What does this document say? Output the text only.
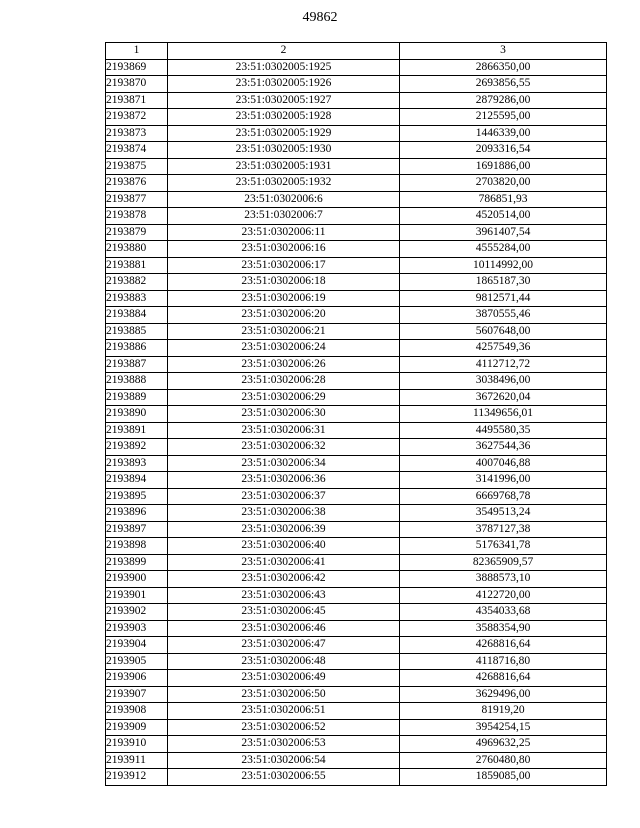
49862
1	2	3
2193869	23:51:0302005:1925	2866350,00
2193870	23:51:0302005:1926	2693856,55
2193871	23:51:0302005:1927	2879286,00
2193872	23:51:0302005:1928	2125595,00
2193873	23:51:0302005:1929	1446339,00
2193874	23:51:0302005:1930	2093316,54
2193875	23:51:0302005:1931	1691886,00
2193876	23:51:0302005:1932	2703820,00
2193877	23:51:0302006:6	786851,93
2193878	23:51:0302006:7	4520514,00
2193879	23:51:0302006:11	3961407,54
2193880	23:51:0302006:16	4555284,00
2193881	23:51:0302006:17	10114992,00
2193882	23:51:0302006:18	1865187,30
2193883	23:51:0302006:19	9812571,44
2193884	23:51:0302006:20	3870555,46
2193885	23:51:0302006:21	5607648,00
2193886	23:51:0302006:24	4257549,36
2193887	23:51:0302006:26	4112712,72
2193888	23:51:0302006:28	3038496,00
2193889	23:51:0302006:29	3672620,04
2193890	23:51:0302006:30	11349656,01
2193891	23:51:0302006:31	4495580,35
2193892	23:51:0302006:32	3627544,36
2193893	23:51:0302006:34	4007046,88
2193894	23:51:0302006:36	3141996,00
2193895	23:51:0302006:37	6669768,78
2193896	23:51:0302006:38	3549513,24
2193897	23:51:0302006:39	3787127,38
2193898	23:51:0302006:40	5176341,78
2193899	23:51:0302006:41	82365909,57
2193900	23:51:0302006:42	3888573,10
2193901	23:51:0302006:43	4122720,00
2193902	23:51:0302006:45	4354033,68
2193903	23:51:0302006:46	3588354,90
2193904	23:51:0302006:47	4268816,64
2193905	23:51:0302006:48	4118716,80
2193906	23:51:0302006:49	4268816,64
2193907	23:51:0302006:50	3629496,00
2193908	23:51:0302006:51	81919,20
2193909	23:51:0302006:52	3954254,15
2193910	23:51:0302006:53	4969632,25
2193911	23:51:0302006:54	2760480,80
2193912	23:51:0302006:55	1859085,00
